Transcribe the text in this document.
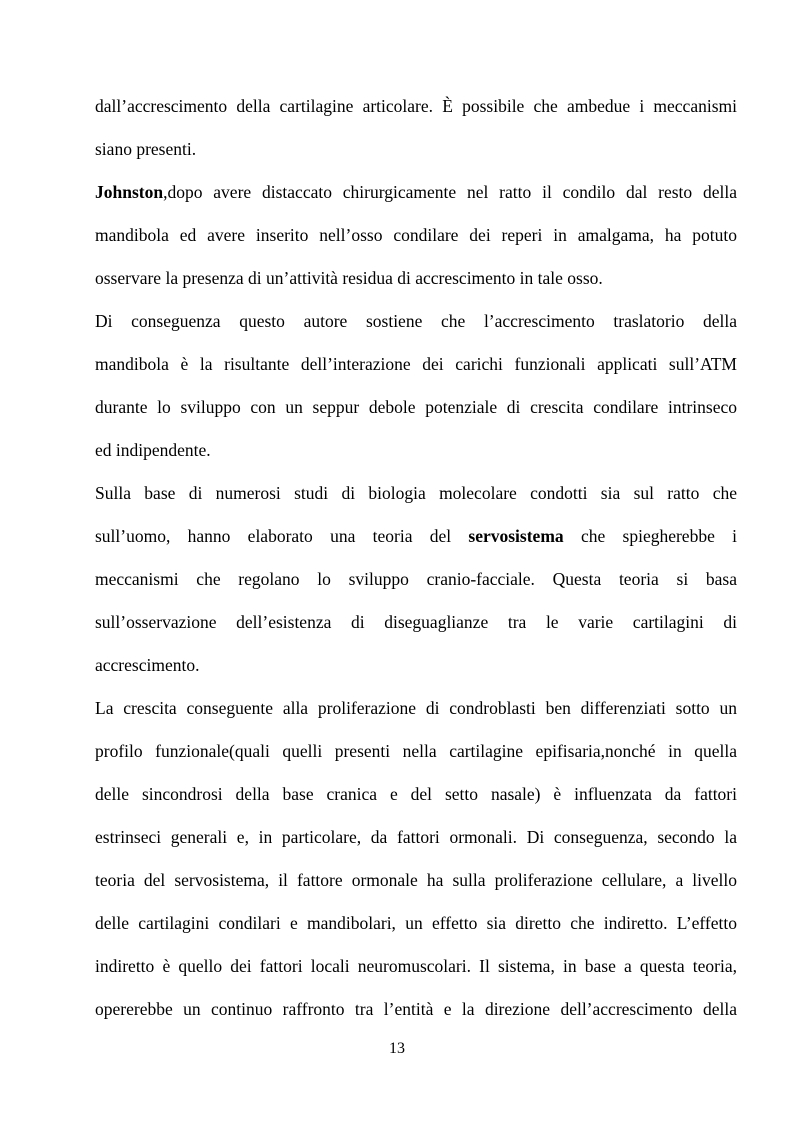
dall’accrescimento della cartilagine articolare. È possibile che ambedue i meccanismi
siano presenti.
Johnston,dopo avere distaccato chirurgicamente nel ratto il condilo dal resto della
mandibola ed avere inserito nell’osso condilare dei reperi in amalgama, ha potuto
osservare la presenza di un’attività residua di accrescimento in tale osso.
Di conseguenza questo autore sostiene che l’accrescimento traslatorio della
mandibola è la risultante dell’interazione dei carichi funzionali applicati sull’ATM
durante lo sviluppo con un seppur debole potenziale di crescita condilare intrinseco
ed indipendente.
Sulla base di numerosi studi di biologia molecolare condotti sia sul ratto che
sull’uomo, hanno elaborato una teoria del servosistema che spiegherebbe i
meccanismi che regolano lo sviluppo cranio-facciale. Questa teoria si basa
sull’osservazione dell’esistenza di diseguaglianze tra le varie cartilagini di
accrescimento.
La crescita conseguente alla proliferazione di condroblasti ben differenziati sotto un
profilo funzionale(quali quelli presenti nella cartilagine epifisaria,nonché in quella
delle sincondrosi della base cranica e del setto nasale) è influenzata da fattori
estrinseci generali e, in particolare, da fattori ormonali. Di conseguenza, secondo la
teoria del servosistema, il fattore ormonale ha sulla proliferazione cellulare, a livello
delle cartilagini condilari e mandibolari, un effetto sia diretto che indiretto. L’effetto
indiretto è quello dei fattori locali neuromuscolari. Il sistema, in base a questa teoria,
opererebbe un continuo raffronto tra l’entità e la direzione dell’accrescimento della
13
